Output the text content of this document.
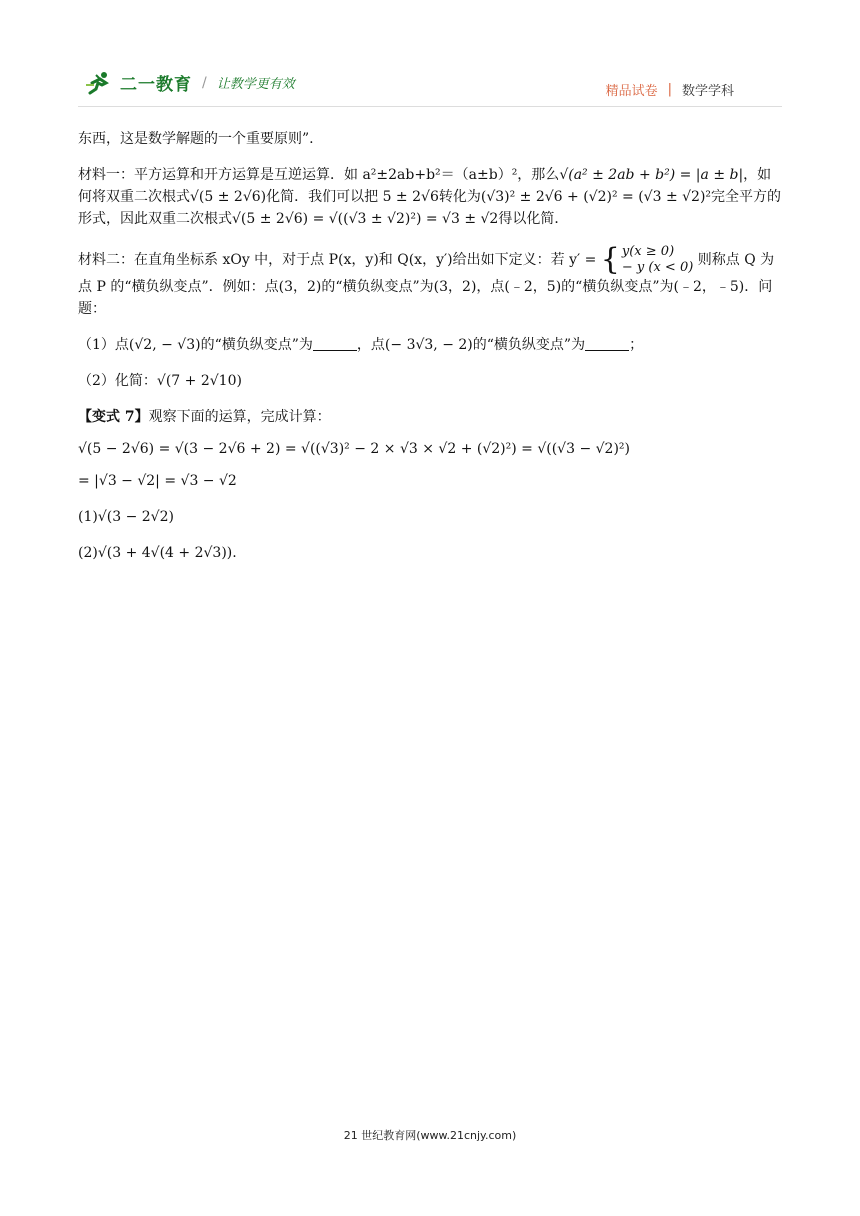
二一教育 / 让教学更有效	精品试卷 | 数学学科

东西，这是数学解题的一个重要原则”.

材料一：平方运算和开方运算是互逆运算．如 a²±2ab+b²＝（a±b）²，那么√(a² ± 2ab + b²) = |a ± b|，如何将双重二次根式√(5 ± 2√6)化简．我们可以把 5 ± 2√6转化为(√3)² ± 2√6 + (√2)² = (√3 ± √2)²完全平方的形式，因此双重二次根式√(5 ± 2√6) = √((√3 ± √2)²) = √3 ± √2得以化简．

材料二：在直角坐标系 xOy 中，对于点 P(x，y)和 Q(x，y′)给出如下定义：若 y′ = { y(x ≥ 0)
− y (x < 0) 则称点 Q 为点 P 的“横负纵变点”．例如：点(3，2)的“横负纵变点”为(3，2)，点(﹣2，5)的“横负纵变点”为(﹣2，﹣5)．问题：

（1）点(√2, − √3)的“横负纵变点”为	，点(− 3√3, − 2)的“横负纵变点”为	；

（2）化简：√(7 + 2√10)

【变式 7】观察下面的运算，完成计算：

√(5 − 2√6) = √(3 − 2√6 + 2) = √((√3)² − 2 × √3 × √2 + (√2)²) = √((√3 − √2)²)

= |√3 − √2| = √3 − √2

(1)√(3 − 2√2)

(2)√(3 + 4√(4 + 2√3)).

21 世纪教育网(www.21cnjy.com)
